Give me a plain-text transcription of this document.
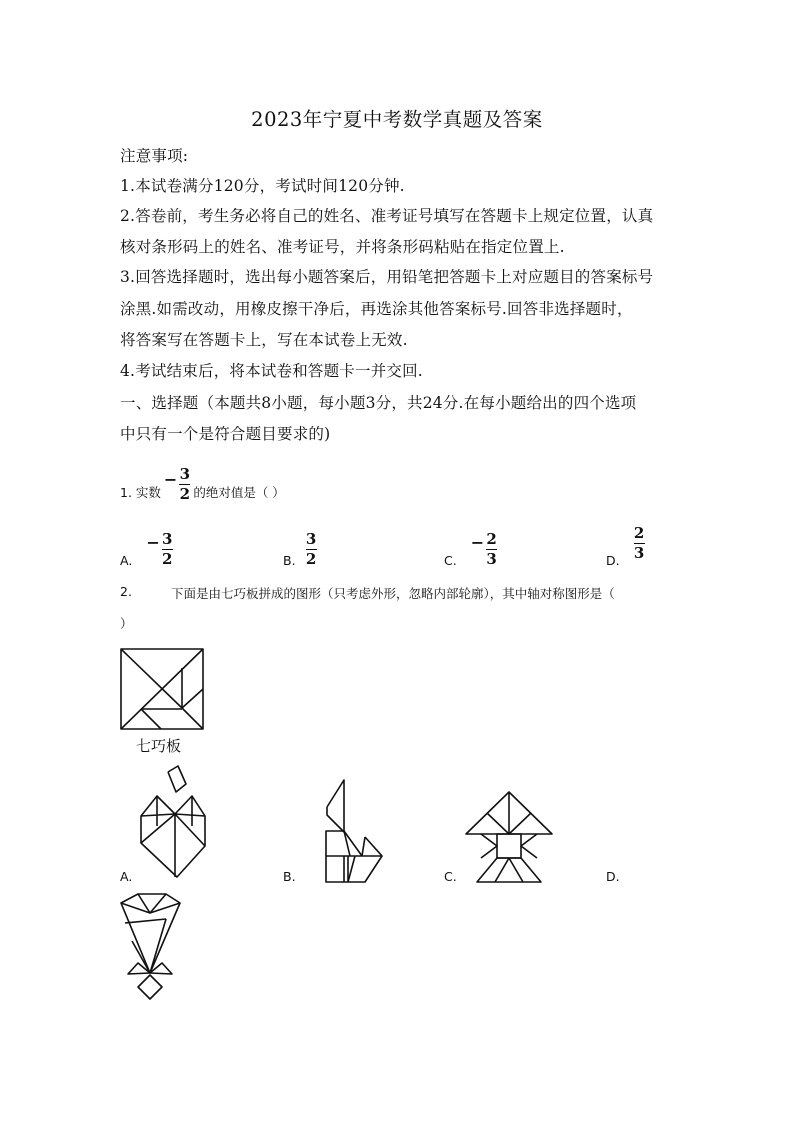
2023年宁夏中考数学真题及答案
注意事项:
1.本试卷满分120分，考试时间120分钟.
2.答卷前，考生务必将自己的姓名、准考证号填写在答题卡上规定位置，认真
核对条形码上的姓名、准考证号，并将条形码粘贴在指定位置上.
3.回答选择题时，选出每小题答案后，用铅笔把答题卡上对应题目的答案标号
涂黑.如需改动，用橡皮擦干净后，再选涂其他答案标号.回答非选择题时，
将答案写在答题卡上，写在本试卷上无效.
4.考试结束后，将本试卷和答题卡一并交回.
一、选择题（本题共8小题，每小题3分，共24分.在每小题给出的四个选项
中只有一个是符合题目要求的)
1. 实数
− $\frac{3}{2}$ 的绝对值是（ ）
A.
− $\frac{3}{2}$	B. $\frac{3}{2}$	C.
− $\frac{2}{3}$	D. $\frac{2}{3}$
2.	下面是由七巧板拼成的图形（只考虑外形，忽略内部轮廓），其中轴对称图形是（
）
七巧板
A.	B.	C.	D.
